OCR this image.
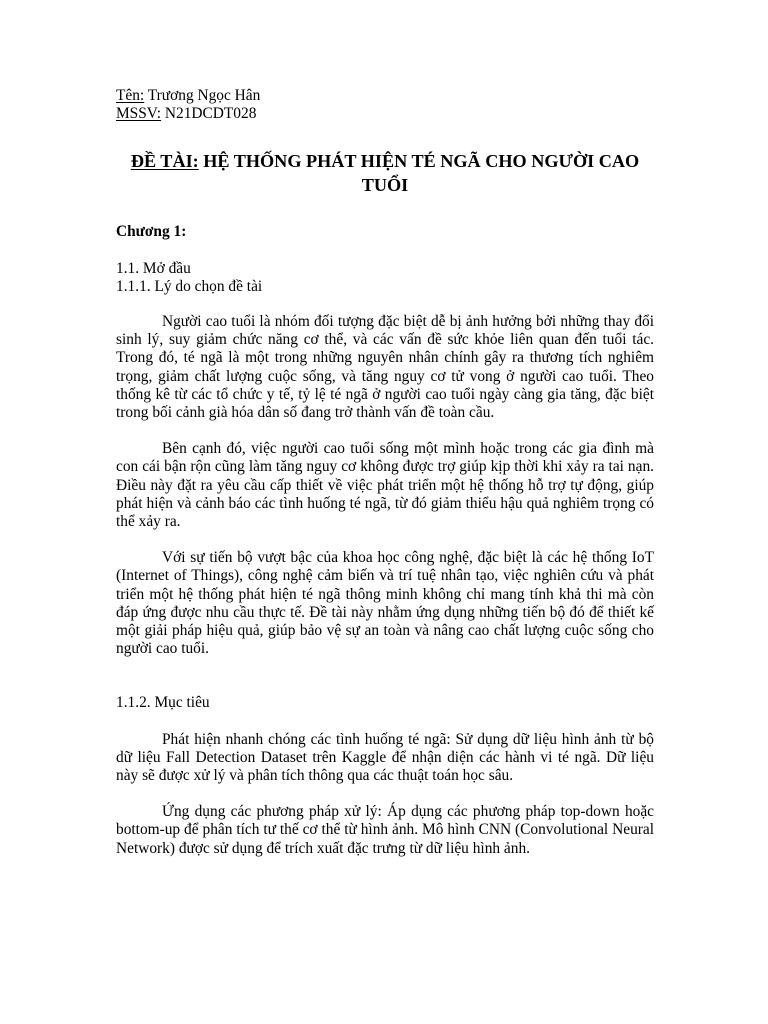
Tên: Trương Ngọc Hân
MSSV: N21DCDT028
ĐỀ TÀI: HỆ THỐNG PHÁT HIỆN TÉ NGÃ CHO NGƯỜI CAO TUỔI
Chương 1:
1.1. Mở đầu
1.1.1. Lý do chọn đề tài

Người cao tuổi là nhóm đối tượng đặc biệt dễ bị ảnh hưởng bởi những thay đổi sinh lý, suy giảm chức năng cơ thể, và các vấn đề sức khỏe liên quan đến tuổi tác. Trong đó, té ngã là một trong những nguyên nhân chính gây ra thương tích nghiêm trọng, giảm chất lượng cuộc sống, và tăng nguy cơ tử vong ở người cao tuổi. Theo thống kê từ các tổ chức y tế, tỷ lệ té ngã ở người cao tuổi ngày càng gia tăng, đặc biệt trong bối cảnh già hóa dân số đang trở thành vấn đề toàn cầu.

Bên cạnh đó, việc người cao tuổi sống một mình hoặc trong các gia đình mà con cái bận rộn cũng làm tăng nguy cơ không được trợ giúp kịp thời khi xảy ra tai nạn. Điều này đặt ra yêu cầu cấp thiết về việc phát triển một hệ thống hỗ trợ tự động, giúp phát hiện và cảnh báo các tình huống té ngã, từ đó giảm thiểu hậu quả nghiêm trọng có thể xảy ra.

Với sự tiến bộ vượt bậc của khoa học công nghệ, đặc biệt là các hệ thống IoT (Internet of Things), công nghệ cảm biến và trí tuệ nhân tạo, việc nghiên cứu và phát triển một hệ thống phát hiện té ngã thông minh không chỉ mang tính khả thi mà còn đáp ứng được nhu cầu thực tế. Đề tài này nhằm ứng dụng những tiến bộ đó để thiết kế một giải pháp hiệu quả, giúp bảo vệ sự an toàn và nâng cao chất lượng cuộc sống cho người cao tuổi.

1.1.2. Mục tiêu

Phát hiện nhanh chóng các tình huống té ngã: Sử dụng dữ liệu hình ảnh từ bộ dữ liệu Fall Detection Dataset trên Kaggle để nhận diện các hành vi té ngã. Dữ liệu này sẽ được xử lý và phân tích thông qua các thuật toán học sâu.

Ứng dụng các phương pháp xử lý: Áp dụng các phương pháp top-down hoặc bottom-up để phân tích tư thế cơ thể từ hình ảnh. Mô hình CNN (Convolutional Neural Network) được sử dụng để trích xuất đặc trưng từ dữ liệu hình ảnh.
